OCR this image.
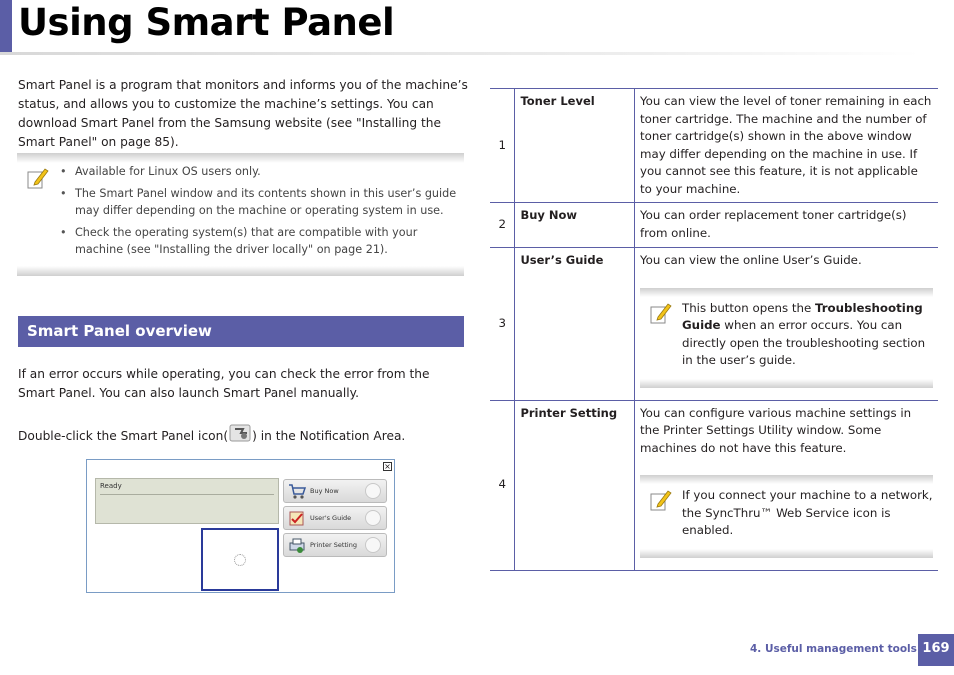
Using Smart Panel

Smart Panel is a program that monitors and informs you of the machine’s status, and allows you to customize the machine’s settings. You can download Smart Panel from the Samsung website (see "Installing the Smart Panel" on page 85).

• Available for Linux OS users only.
• The Smart Panel window and its contents shown in this user’s guide may differ depending on the machine or operating system in use.
• Check the operating system(s) that are compatible with your machine (see "Installing the driver locally" on page 21).
Smart Panel overview

If an error occurs while operating, you can check the error from the Smart Panel. You can also launch Smart Panel manually.

Double-click the Smart Panel icon( ) in the Notification Area.

×
Ready
Buy Now
User's Guide
Printer Setting
1	Toner Level	You can view the level of toner remaining in each toner cartridge. The machine and the number of toner cartridge(s) shown in the above window may differ depending on the machine in use. If you cannot see this feature, it is not applicable to your machine.
2	Buy Now	You can order replacement toner cartridge(s) from online.
3	User’s Guide	You can view the online User’s Guide.
This button opens the Troubleshooting Guide when an error occurs. You can directly open the troubleshooting section in the user’s guide.

4	Printer Setting	You can configure various machine settings in the Printer Settings Utility window. Some machines do not have this feature.
If you connect your machine to a network, the SyncThru™ Web Service icon is enabled.
4. Useful management tools 169
